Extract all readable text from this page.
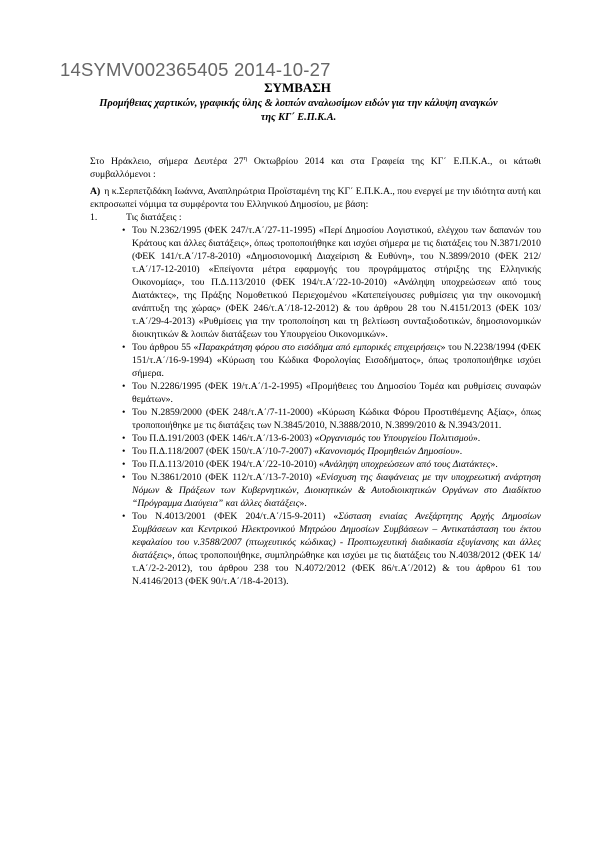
14SYMV002365405 2014-10-27
ΣΥΜΒΑΣΗ
Προμήθειας χαρτικών, γραφικής ύλης & λοιπών αναλωσίμων ειδών για την κάλυψη αναγκών της ΚΓ΄ Ε.Π.Κ.Α.

Στο Ηράκλειο, σήμερα Δευτέρα $27^\eta$ Οκτωβρίου 2014 και στα Γραφεία της ΚΓ΄ Ε.Π.Κ.Α., οι κάτωθι συμβαλλόμενοι :

Α) η κ.Σερπετζιδάκη Ιωάννα, Αναπληρώτρια Προϊσταμένη της ΚΓ΄ Ε.Π.Κ.Α., που ενεργεί με την ιδιότητα αυτή και εκπροσωπεί νόμιμα τα συμφέροντα του Ελληνικού Δημοσίου, με βάση:

1.	Τις διατάξεις :
• Του Ν.2362/1995 (ΦΕΚ 247/τ.Α΄/27-11-1995) «Περί Δημοσίου Λογιστικού, ελέγχου των δαπανών του Κράτους και άλλες διατάξεις», όπως τροποποιήθηκε και ισχύει σήμερα με τις διατάξεις του Ν.3871/2010 (ΦΕΚ 141/τ.Α΄/17-8-2010) «Δημοσιονομική Διαχείριση & Ευθύνη», του Ν.3899/2010 (ΦΕΚ 212/τ.Α΄/17-12-2010) «Επείγοντα μέτρα εφαρμογής του προγράμματος στήριξης της Ελληνικής Οικονομίας», του Π.Δ.113/2010 (ΦΕΚ 194/τ.Α΄/22-10-2010) «Ανάληψη υποχρεώσεων από τους Διατάκτες», της Πράξης Νομοθετικού Περιεχομένου «Κατεπείγουσες ρυθμίσεις για την οικονομική ανάπτυξη της χώρας» (ΦΕΚ 246/τ.Α΄/18-12-2012) & του άρθρου 28 του Ν.4151/2013 (ΦΕΚ 103/τ.Α΄/29-4-2013) «Ρυθμίσεις για την τροποποίηση και τη βελτίωση συνταξιοδοτικών, δημοσιονομικών διοικητικών & λοιπών διατάξεων του Υπουργείου Οικονομικών».
• Του άρθρου 55 «Παρακράτηση φόρου στο εισόδημα από εμπορικές επιχειρήσεις» του Ν.2238/1994 (ΦΕΚ 151/τ.Α΄/16-9-1994) «Κύρωση του Κώδικα Φορολογίας Εισοδήματος», όπως τροποποιήθηκε ισχύει σήμερα.
• Του Ν.2286/1995 (ΦΕΚ 19/τ.Α΄/1-2-1995) «Προμήθειες του Δημοσίου Τομέα και ρυθμίσεις συναφών θεμάτων».
• Του Ν.2859/2000 (ΦΕΚ 248/τ.Α΄/7-11-2000) «Κύρωση Κώδικα Φόρου Προστιθέμενης Αξίας», όπως τροποποιήθηκε με τις διατάξεις των Ν.3845/2010, Ν.3888/2010, Ν.3899/2010 & Ν.3943/2011.
• Του Π.Δ.191/2003 (ΦΕΚ 146/τ.Α΄/13-6-2003) «Οργανισμός του Υπουργείου Πολιτισμού».
• Του Π.Δ.118/2007 (ΦΕΚ 150/τ.Α΄/10-7-2007) «Κανονισμός Προμηθειών Δημοσίου».
• Του Π.Δ.113/2010 (ΦΕΚ 194/τ.Α΄/22-10-2010) «Ανάληψη υποχρεώσεων από τους Διατάκτες».
• Του Ν.3861/2010 (ΦΕΚ 112/τ.Α΄/13-7-2010) «Ενίσχυση της διαφάνειας με την υποχρεωτική ανάρτηση Νόμων & Πράξεων των Κυβερνητικών, Διοικητικών & Αυτοδιοικητικών Οργάνων στο Διαδίκτυο “Πρόγραμμα Διαύγεια” και άλλες διατάξεις».
• Του Ν.4013/2001 (ΦΕΚ 204/τ.Α΄/15-9-2011) «Σύσταση ενιαίας Ανεξάρτητης Αρχής Δημοσίων Συμβάσεων και Κεντρικού Ηλεκτρονικού Μητρώου Δημοσίων Συμβάσεων – Αντικατάσταση του έκτου κεφαλαίου του ν.3588/2007 (πτωχευτικός κώδικας) - Προπτωχευτική διαδικασία εξυγίανσης και άλλες διατάξεις», όπως τροποποιήθηκε, συμπληρώθηκε και ισχύει με τις διατάξεις του Ν.4038/2012 (ΦΕΚ 14/τ.Α΄/2-2-2012), του άρθρου 238 του Ν.4072/2012 (ΦΕΚ 86/τ.Α΄/2012) & του άρθρου 61 του Ν.4146/2013 (ΦΕΚ 90/τ.Α΄/18-4-2013).
